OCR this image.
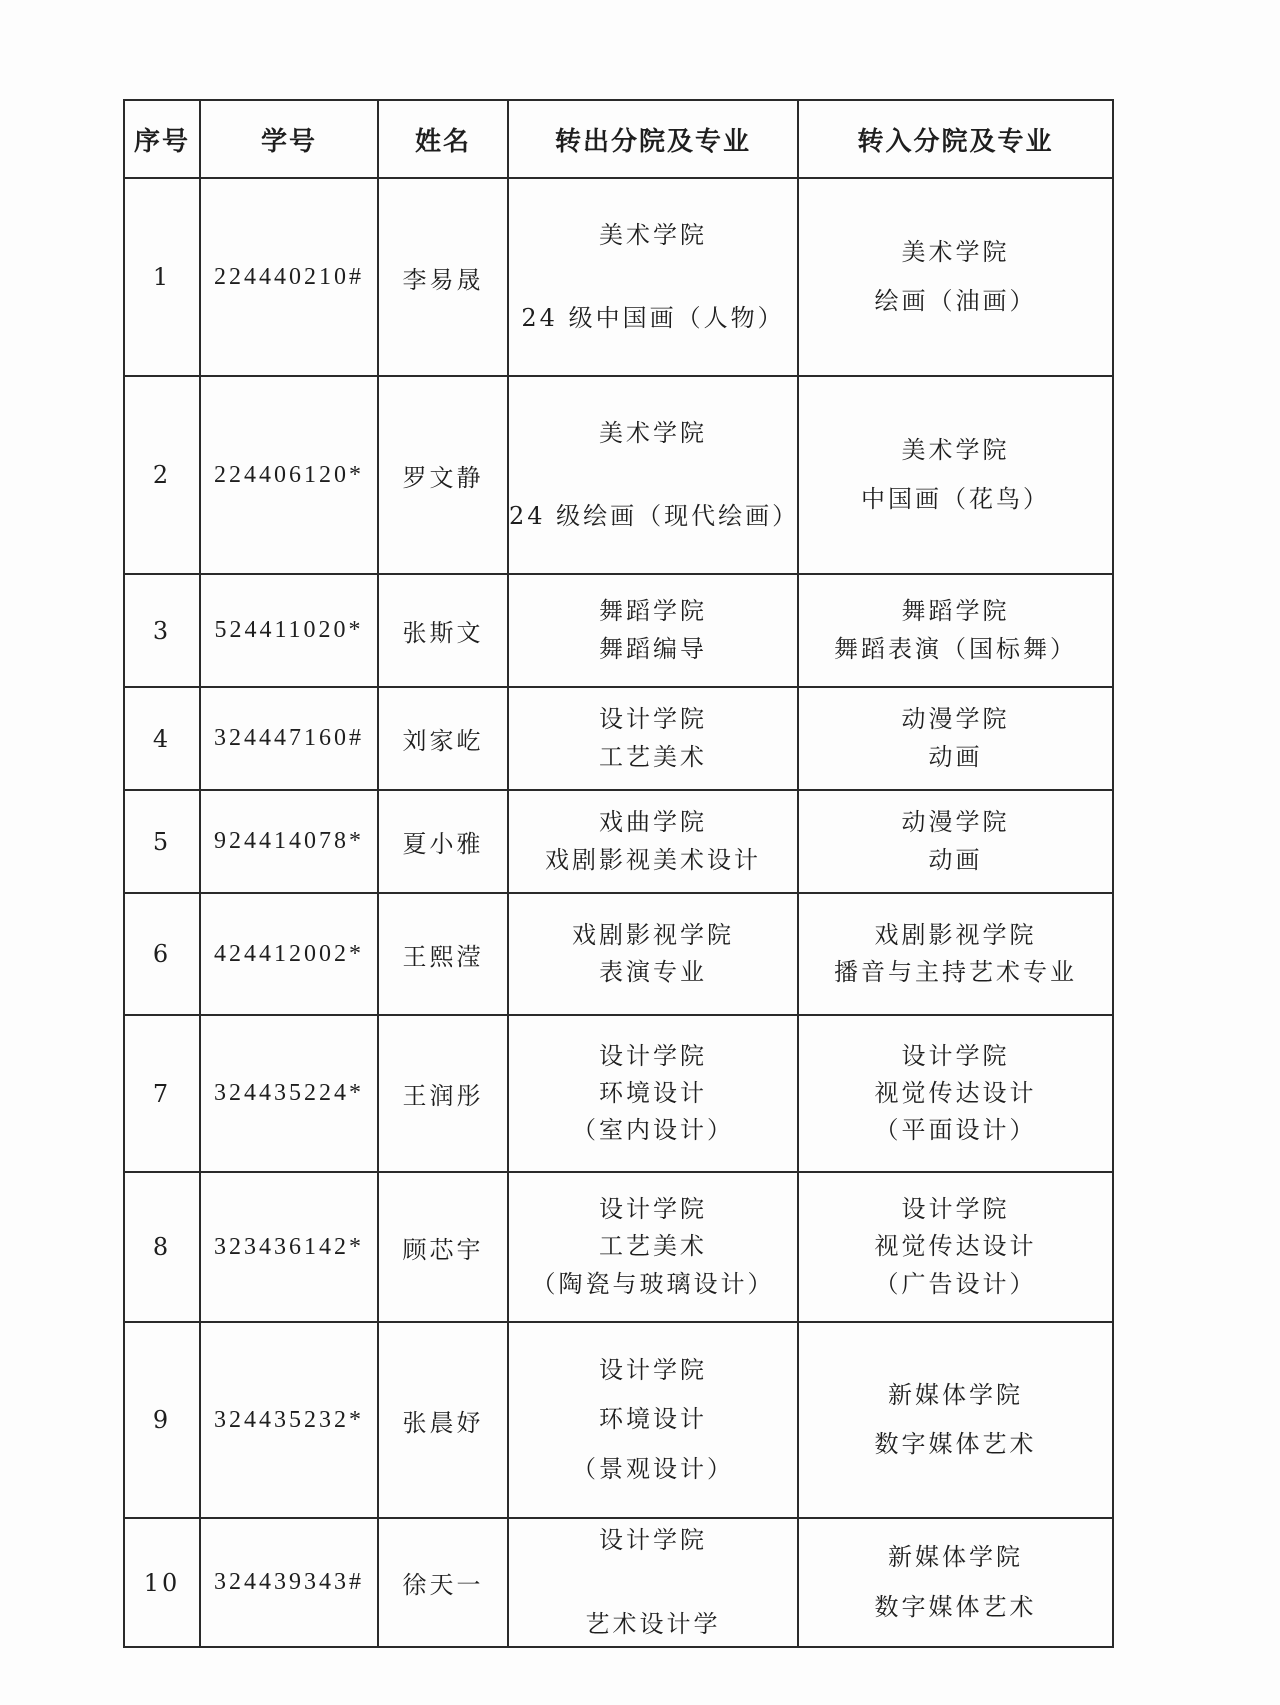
序号	学号	姓名	转出分院及专业	转入分院及专业
1	224440210#	李易晟	美术学院
24 级中国画（人物）	美术学院
绘画（油画）

2	224406120*	罗文静	美术学院
24 级绘画（现代绘画）	美术学院
中国画（花鸟）

3	524411020*	张斯文	舞蹈学院
舞蹈编导	舞蹈学院
舞蹈表演（国标舞）

4	324447160#	刘家屹	设计学院
工艺美术	动漫学院
动画

5	924414078*	夏小雅	戏曲学院
戏剧影视美术设计	动漫学院
动画

6	424412002*	王熙滢	戏剧影视学院
表演专业	戏剧影视学院
播音与主持艺术专业

7	324435224*	王润彤	设计学院
环境设计
（室内设计）	设计学院
视觉传达设计
（平面设计）

8	323436142*	顾芯宇	设计学院
工艺美术
（陶瓷与玻璃设计）	设计学院
视觉传达设计
（广告设计）

9	324435232*	张晨妤	设计学院
环境设计
（景观设计）	新媒体学院
数字媒体艺术

10	324439343#	徐天一	设计学院
艺术设计学	新媒体学院
数字媒体艺术
